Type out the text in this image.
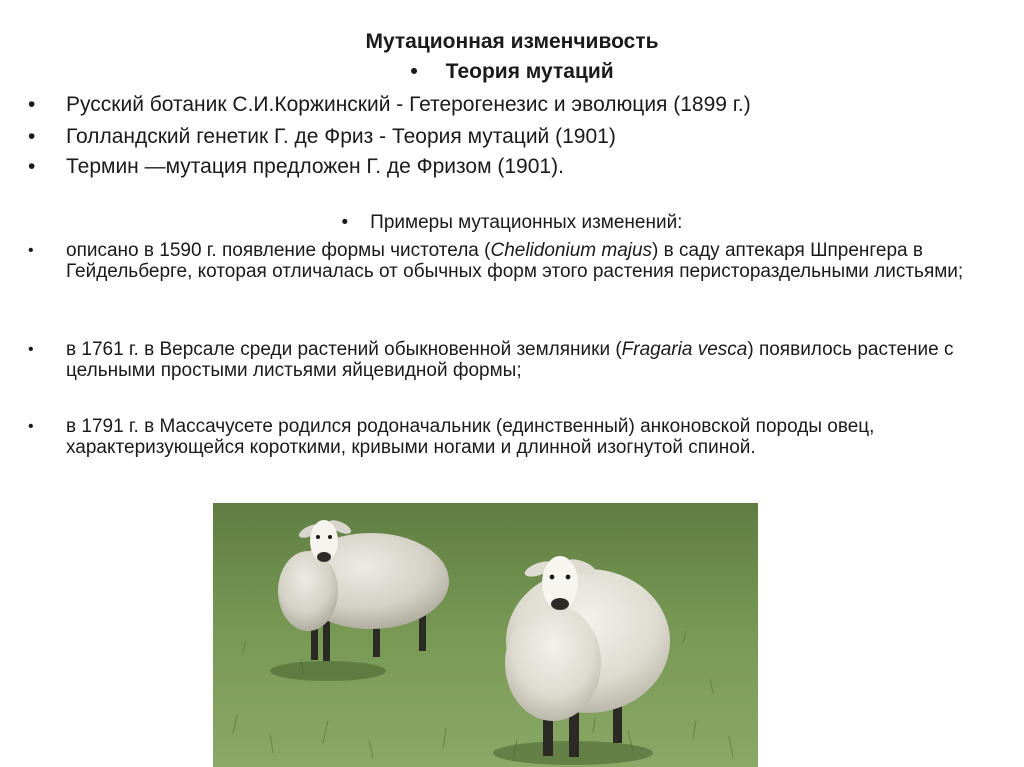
Мутационная изменчивость
• Теория мутаций
• Русский ботаник С.И.Коржинский - Гетерогенезис и эволюция (1899 г.)
• Голландский генетик Г. де Фриз - Теория мутаций (1901)
• Термин ―мутация предложен Г. де Фризом (1901).
• Примеры мутационных изменений:
• описано в 1590 г. появление формы чистотела (Chelidonium majus) в саду аптекаря Шпренгера в Гейдельберге, которая отличалась от обычных форм этого растения перистораздельными листьями;
• в 1761 г. в Версале среди растений обыкновенной земляники (Fragaria vesca) появилось растение с цельными простыми листьями яйцевидной формы;
• в 1791 г. в Массачусете родился родоначальник (единственный) анконовской породы овец, характеризующейся короткими, кривыми ногами и длинной изогнутой спиной.
